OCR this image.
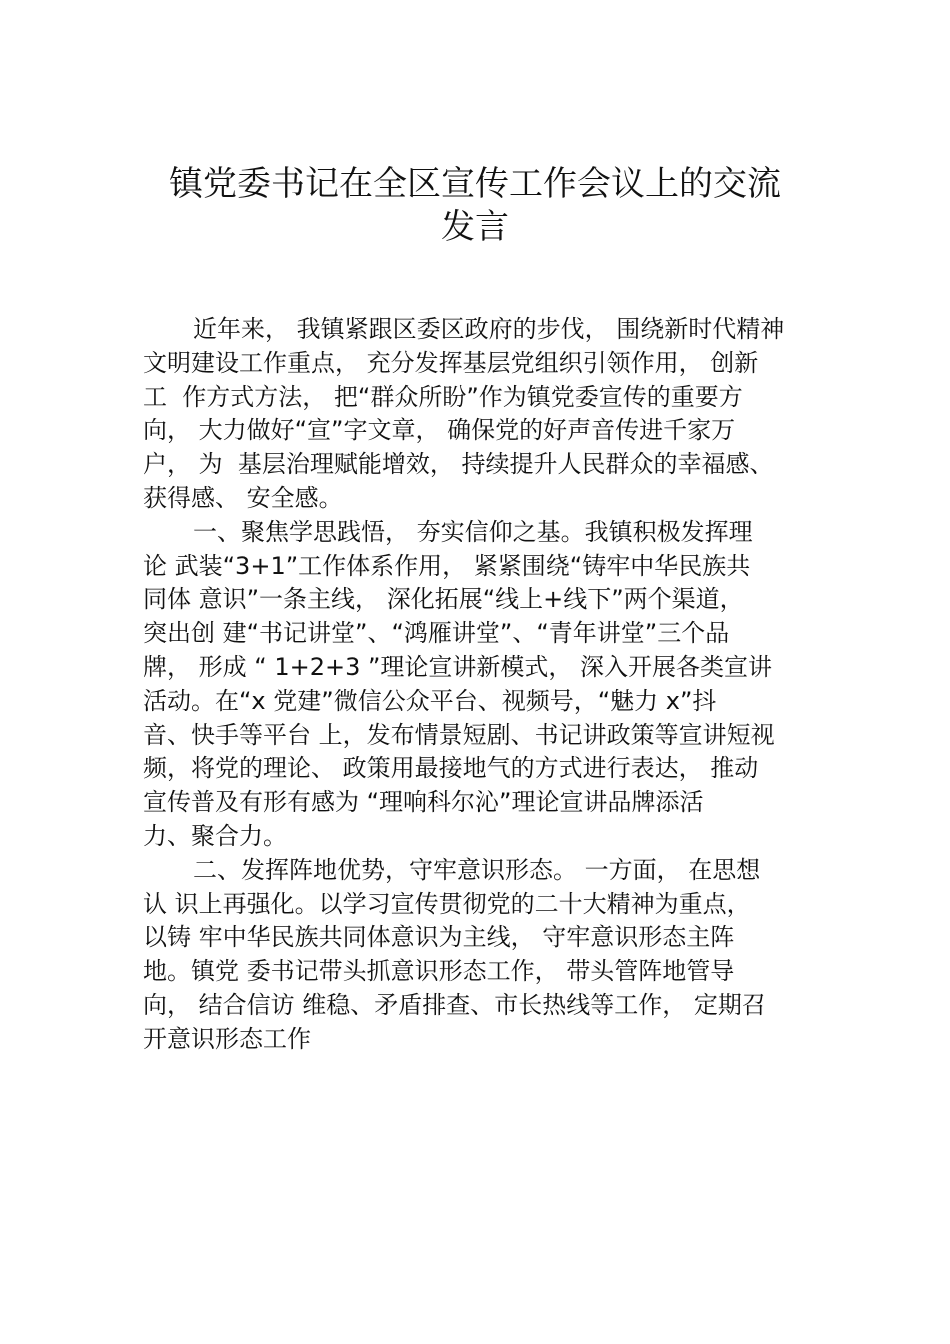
镇党委书记在全区宣传工作会议上的交流
发言
近年来， 我镇紧跟区委区政府的步伐， 围绕新时代精神
文明建设工作重点， 充分发挥基层党组织引领作用， 创新
工  作方式方法， 把“群众所盼”作为镇党委宣传的重要方
向， 大力做好“宣”字文章， 确保党的好声音传进千家万
户， 为  基层治理赋能增效， 持续提升人民群众的幸福感、
获得感、 安全感。
一、聚焦学思践悟， 夯实信仰之基。我镇积极发挥理
论 武装“3+1”工作体系作用， 紧紧围绕“铸牢中华民族共
同体 意识”一条主线， 深化拓展“线上+线下”两个渠道，
突出创 建“书记讲堂”、“鸿雁讲堂”、“青年讲堂”三个品
牌， 形成 “ 1+2+3 ”理论宣讲新模式， 深入开展各类宣讲
活动。在“x 党建”微信公众平台、视频号，“魅力 x”抖
音、快手等平台 上，发布情景短剧、书记讲政策等宣讲短视
频，将党的理论、 政策用最接地气的方式进行表达， 推动
宣传普及有形有感为 “理响科尔沁”理论宣讲品牌添活
力、聚合力。
二、发挥阵地优势，守牢意识形态。 一方面， 在思想
认 识上再强化。以学习宣传贯彻党的二十大精神为重点，
以铸 牢中华民族共同体意识为主线， 守牢意识形态主阵
地。镇党 委书记带头抓意识形态工作， 带头管阵地管导
向， 结合信访 维稳、矛盾排查、市长热线等工作， 定期召
开意识形态工作
